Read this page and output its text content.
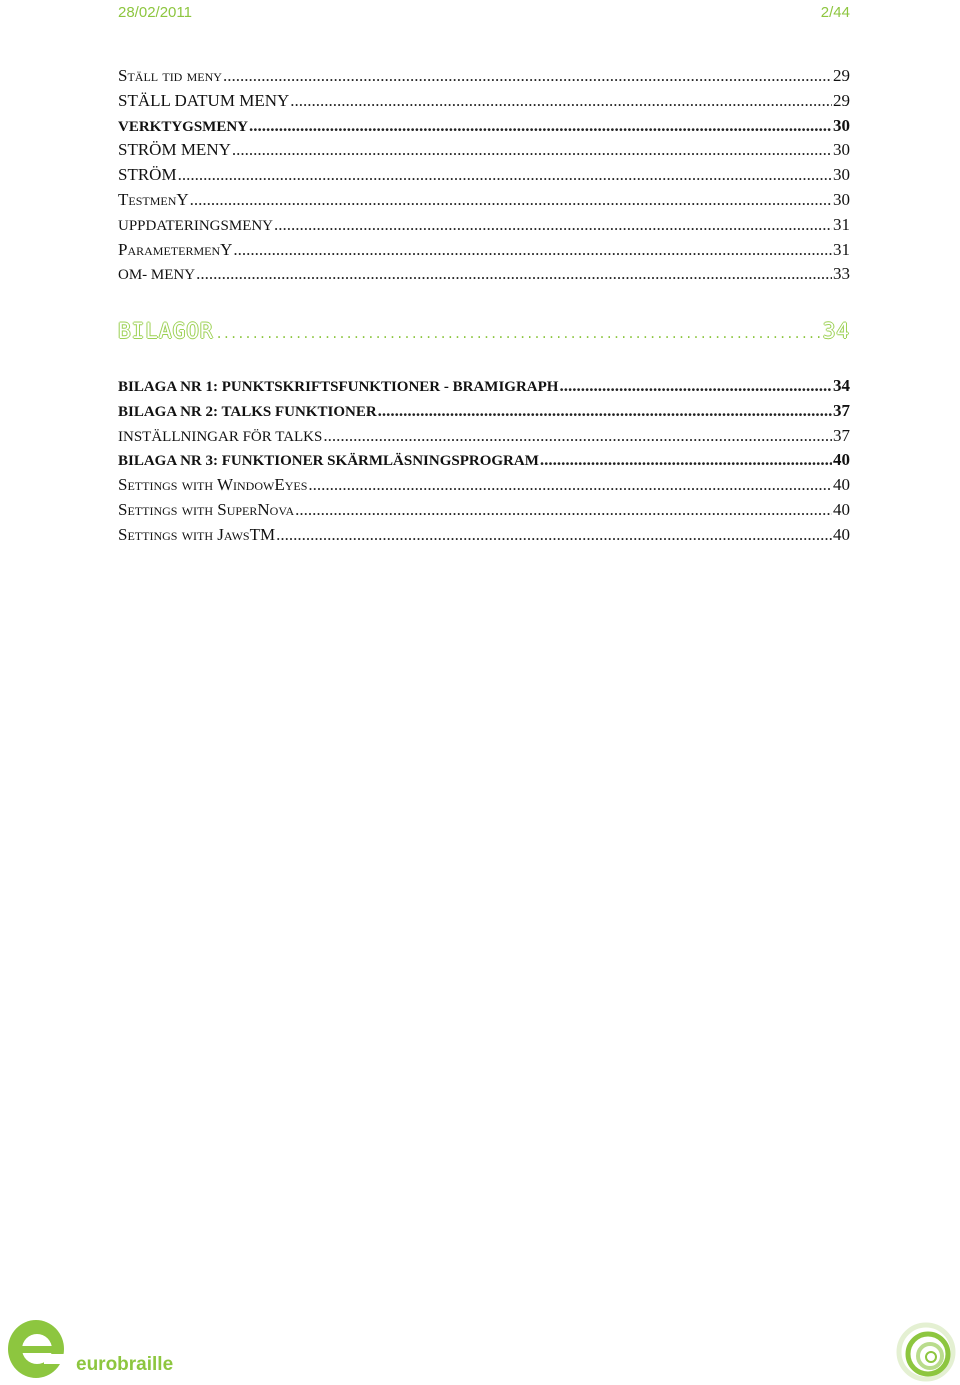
28/02/2011	2/44
Ställ tid meny .....	29
STÄLL DATUM MENY .....	29
VERKTYGSMENY .....	30
STRÖM MENY .....	30
STRÖM .....	30
TestmenY .....	30
UPPDATERINGSMENY .....	31
ParametermenY .....	31
OM- MENY .....	33
BILAGOR .....	34
BILAGA NR 1: PUNKTSKRIFTSFUNKTIONER - BRAMIGRAPH .....	34
BILAGA NR 2: TALKS FUNKTIONER .....	37
INSTÄLLNINGAR FÖR TALKS .....	37
BILAGA NR 3: FUNKTIONER SKÄRMLÄSNINGSPROGRAM .....	40
Settings with WindowEyes .....	40
Settings with SuperNova .....	40
Settings with JawsTM .....	40
eurobraille
